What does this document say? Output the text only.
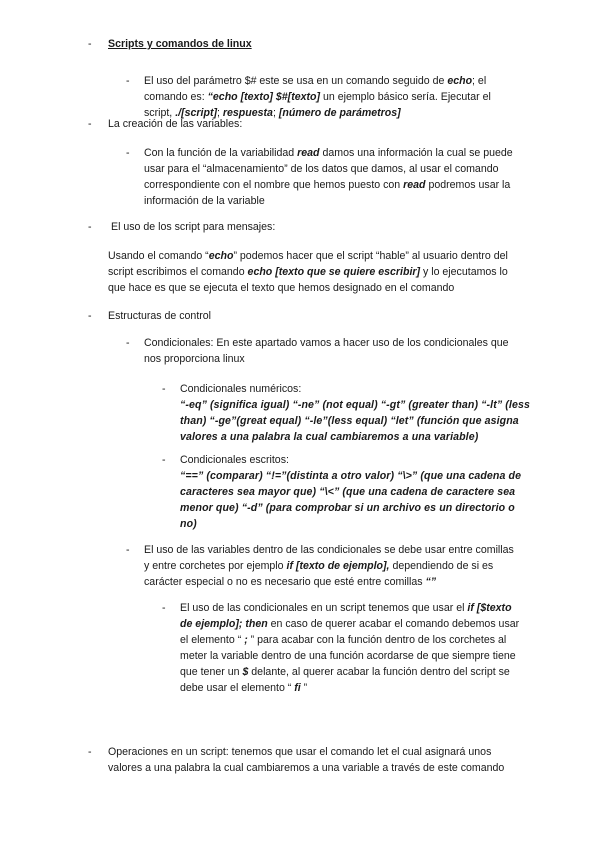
- Scripts y comandos de linux
- El uso del parámetro $# este se usa en un comando seguido de echo; el comando es: “echo [texto] $#[texto] un ejemplo básico sería. Ejecutar el script, ./[script]; respuesta; [número de parámetros]
- La creación de las variables:
- Con la función de la variabilidad read damos una información la cual se puede usar para el “almacenamiento” de los datos que damos, al usar el comando correspondiente con el nombre que hemos puesto con read podremos usar la información de la variable
- El uso de los script para mensajes:
Usando el comando “echo” podemos hacer que el script “hable” al usuario dentro del script escribimos el comando echo [texto que se quiere escribir] y lo ejecutamos lo que hace es que se ejecuta el texto que hemos designado en el comando
- Estructuras de control
- Condicionales: En este apartado vamos a hacer uso de los condicionales que nos proporciona linux
- Condicionales numéricos:
“-eq” (significa igual) “-ne” (not equal) “-gt” (greater than) “-lt” (less than) “-ge”(great equal) “-le”(less equal) “let” (función que asigna valores a una palabra la cual cambiaremos a una variable)
- Condicionales escritos:
“==” (comparar) “!=”(distinta a otro valor) “\>” (que una cadena de caracteres sea mayor que) “\<” (que una cadena de caractere sea menor que) “-d” (para comprobar si un archivo es un directorio o no)
- El uso de las variables dentro de las condicionales se debe usar entre comillas y entre corchetes por ejemplo if [texto de ejemplo], dependiendo de si es carácter especial o no es necesario que esté entre comillas “”
- El uso de las condicionales en un script tenemos que usar el if [$texto de ejemplo]; then en caso de querer acabar el comando debemos usar el elemento “ ; ” para acabar con la función dentro de los corchetes al meter la variable dentro de una función acordarse de que siempre tiene que tener un $ delante, al querer acabar la función dentro del script se debe usar el elemento “ fi ”
- Operaciones en un script: tenemos que usar el comando let el cual asignará unos valores a una palabra la cual cambiaremos a una variable a través de este comando
